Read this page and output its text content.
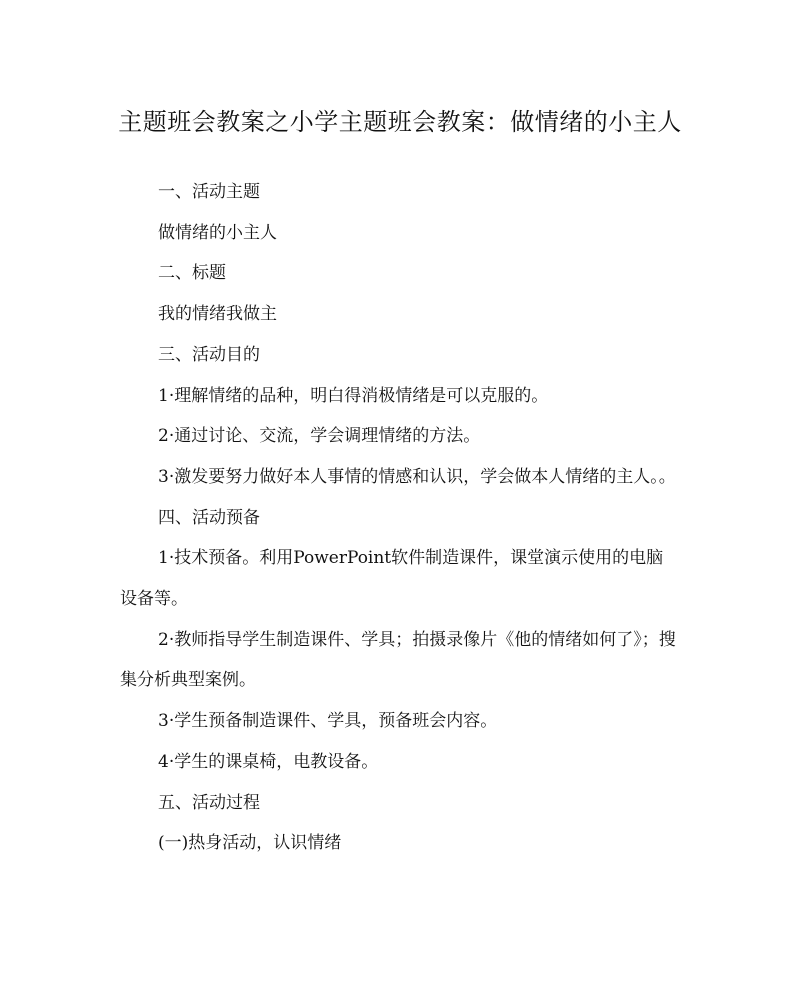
主题班会教案之小学主题班会教案：做情绪的小主人

一、活动主题

做情绪的小主人

二、标题

我的情绪我做主

三、活动目的

1·理解情绪的品种，明白得消极情绪是可以克服的。

2·通过讨论、交流，学会调理情绪的方法。

3·激发要努力做好本人事情的情感和认识，学会做本人情绪的主人。。

四、活动预备

1·技术预备。利用PowerPoint软件制造课件，课堂演示使用的电脑设备等。

2·教师指导学生制造课件、学具；拍摄录像片《他的情绪如何了》；搜集分析典型案例。

3·学生预备制造课件、学具，预备班会内容。

4·学生的课桌椅，电教设备。

五、活动过程

(一)热身活动，认识情绪
